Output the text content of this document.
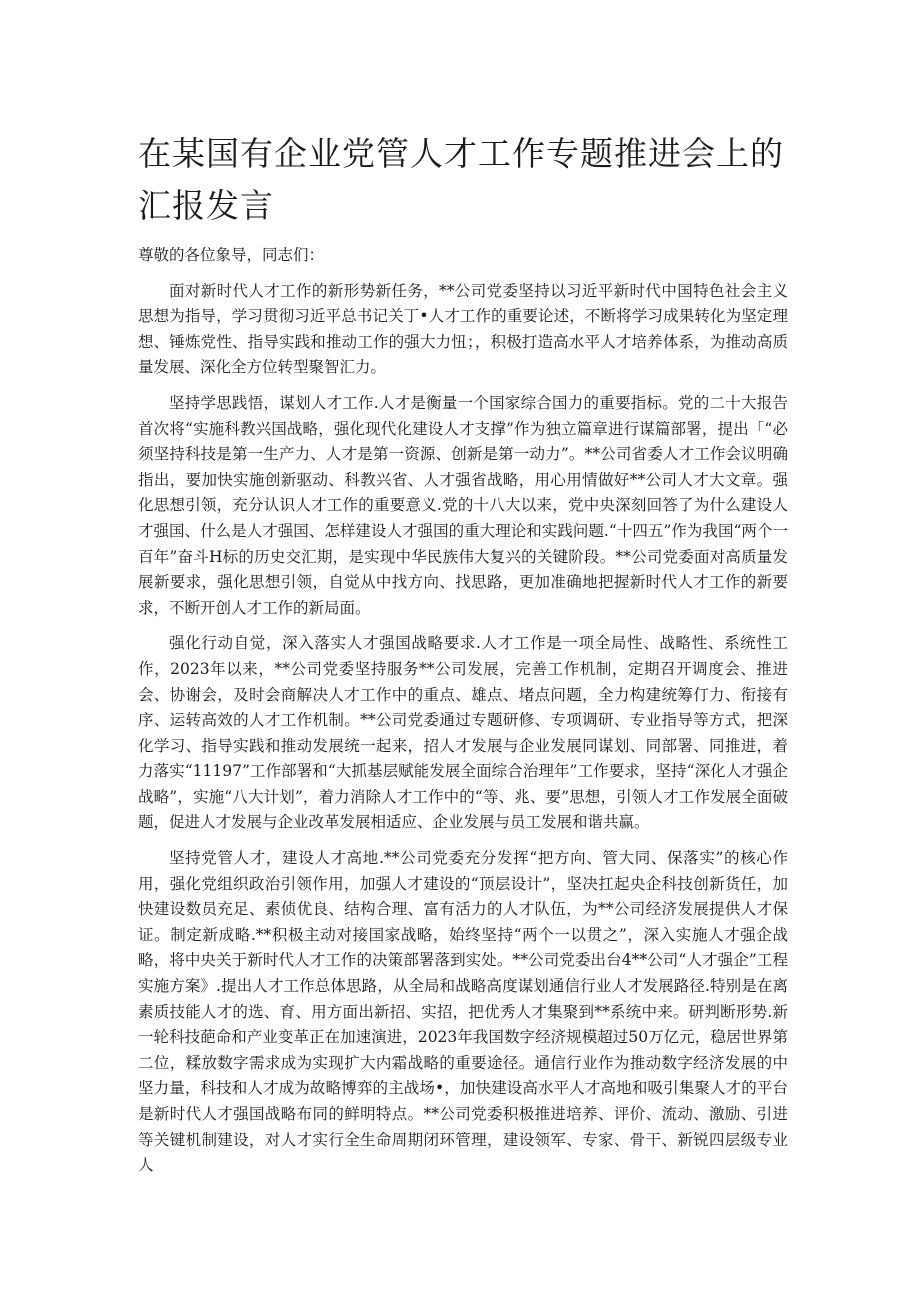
在某国有企业党管人才工作专题推进会上的汇报发言

尊敬的各位象导，同志们：

面对新时代人才工作的新形势新任务，**公司党委坚持以习近平新时代中国特色社会主义思想为指导，学习贯彻习近平总书记关丁•人才工作的重要论述，不断将学习成果转化为坚定理想、锤炼党性、指导实践和推动工作的强大力忸；，积极打造高水平人才培养体系，为推动高质量发展、深化全方位转型聚智汇力。

坚持学思践悟，谋划人才工作.人才是衡量一个国家综合国力的重要指标。党的二十大报告首次将“实施科教兴国战略，强化现代化建设人才支撑”作为独立篇章进行谋篇部署，提出「“必须坚持科技是第一生产力、人才是第一资源、创新是第一动力”。**公司省委人才工作会议明确指出，要加快实施创新驱动、科教兴省、人才强省战略，用心用情做好**公司人才大文章。强化思想引领，充分认识人才工作的重要意义.党的十八大以来，党中央深刻回答了为什么建设人才强国、什么是人才强国、怎样建设人才强国的重大理论和实践问题.“十四五”作为我国“两个一百年”奋斗H标的历史交汇期，是实现中华民族伟大复兴的关键阶段。**公司党委面对高质量发展新要求，强化思想引领，自觉从中找方向、找思路，更加准确地把握新时代人才工作的新要求，不断开创人才工作的新局面。

强化行动自觉，深入落实人才强国战略要求.人才工作是一项全局性、战略性、系统性工作，2023年以来，**公司党委坚持服务**公司发展，完善工作机制，定期召开调度会、推进会、协谢会，及时会商解决人才工作中的重点、雄点、堵点问题，全力构建统筹仃力、衔接有序、运转高效的人才工作机制。**公司党委通过专题研修、专项调研、专业指导等方式，把深化学习、指导实践和推动发展统一起来，招人才发展与企业发展同谋划、同部署、同推进，着力落实“11197”工作部署和“大抓基层赋能发展全面综合治理年”工作要求，坚持“深化人才强企战略”，实施“八大计划”，着力消除人才工作中的“等、兆、要”思想，引领人才工作发展全面破题，促进人才发展与企业改革发展相适应、企业发展与员工发展和谐共赢。

坚持党管人才，建设人才高地.**公司党委充分发挥“把方向、管大同、保落实”的核心作用，强化党组织政治引领作用，加强人才建设的“顶层设计”，坚决扛起央企科技创新货任，加快建设数员充足、素侦优良、结构合理、富有活力的人才队伍，为**公司经济发展提供人才保证。制定新成略.**积极主动对接国家战略，始终坚持“两个一以贯之”，深入实施人才强企战略，将中央关于新时代人才工作的决策部署落到实处。**公司党委出台4**公司“人才强企”工程实施方案》.提出人才工作总体思路，从全局和战略高度谋划通信行业人才发展路径.特别是在离素质技能人才的选、育、用方面出新招、实招，把优秀人才集聚到**系统中来。研判断形势.新一轮科技葩命和产业变革正在加速演进，2023年我国数字经济规模超过50万亿元，稳居世界第二位，糅放数字需求成为实现扩大内霜战略的重要途径。通信行业作为推动数字经济发展的中坚力量，科技和人才成为故略博弈的主战场•，加快建设高水平人才高地和吸引集聚人才的平台是新时代人才强国战略布同的鲜明特点。**公司党委积极推进培养、评价、流动、激励、引进等关键机制建设，对人才实行全生命周期闭环管理，建设领军、专家、骨干、新锐四层级专业人
